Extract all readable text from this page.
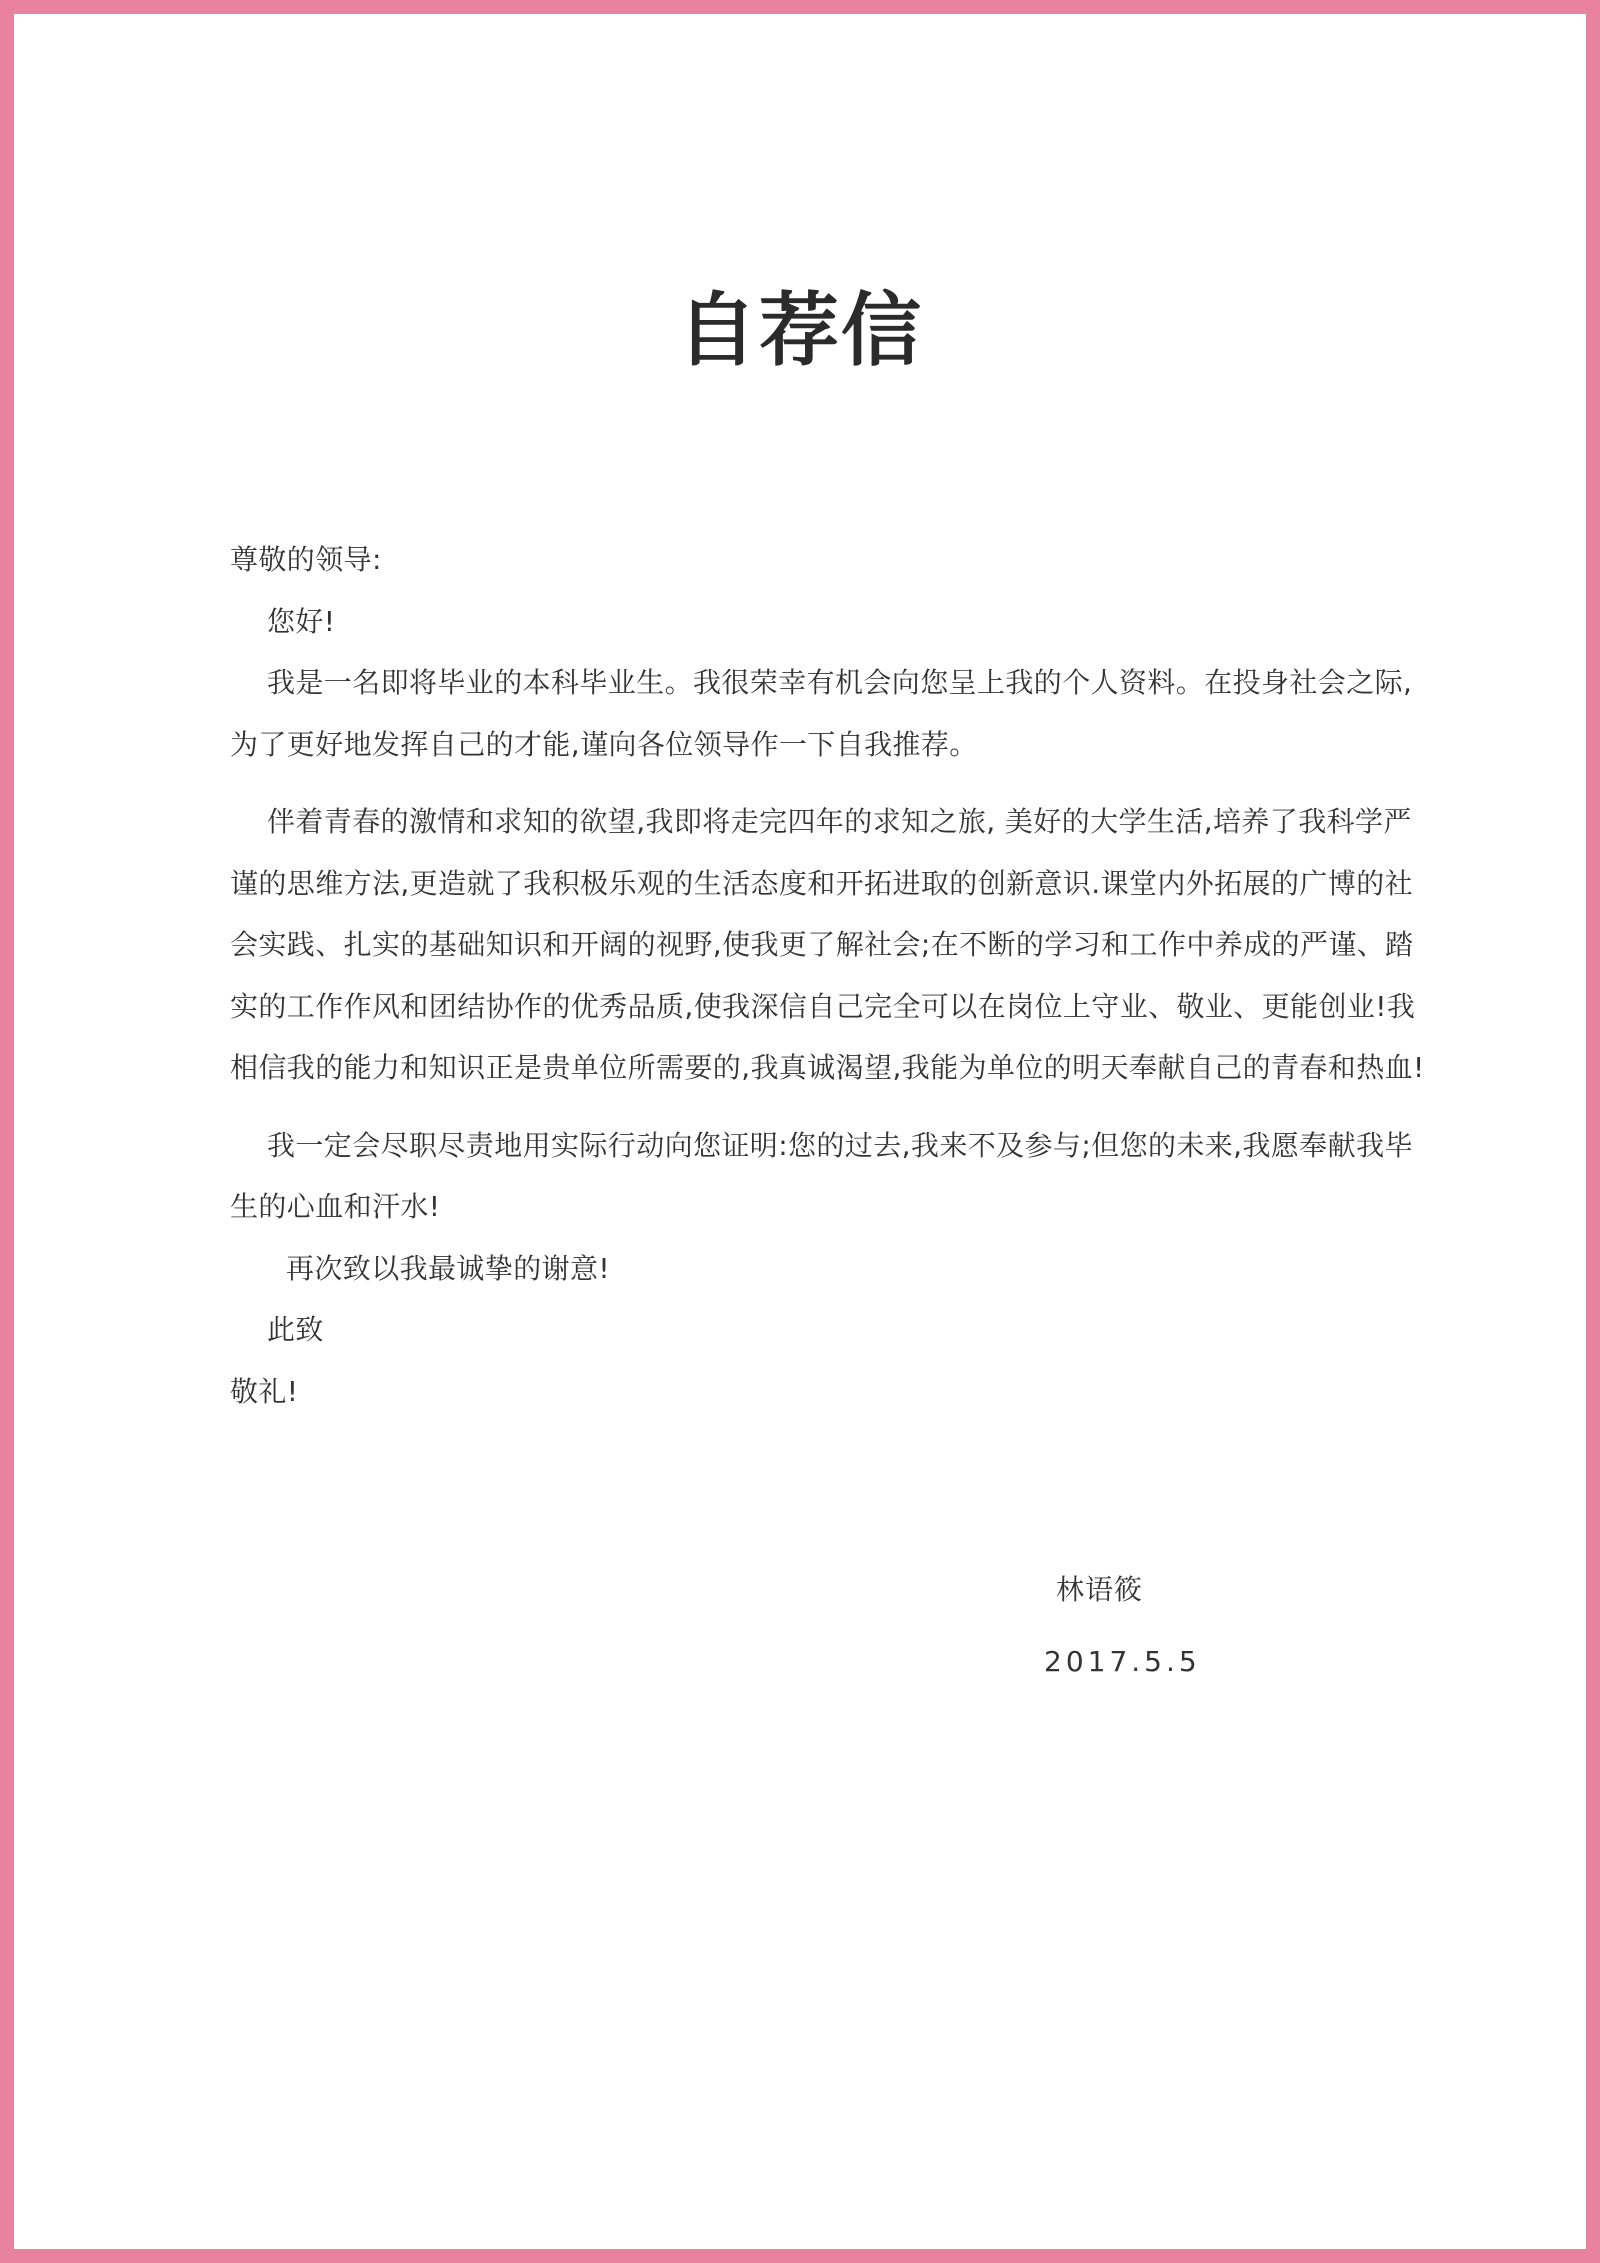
自荐信

尊敬的领导:

您好!

我是一名即将毕业的本科毕业生。我很荣幸有机会向您呈上我的个人资料。在投身社会之际,为了更好地发挥自己的才能,谨向各位领导作一下自我推荐。

伴着青春的激情和求知的欲望,我即将走完四年的求知之旅, 美好的大学生活,培养了我科学严谨的思维方法,更造就了我积极乐观的生活态度和开拓进取的创新意识.课堂内外拓展的广博的社会实践、扎实的基础知识和开阔的视野,使我更了解社会;在不断的学习和工作中养成的严谨、踏实的工作作风和团结协作的优秀品质,使我深信自己完全可以在岗位上守业、敬业、更能创业!我相信我的能力和知识正是贵单位所需要的,我真诚渴望,我能为单位的明天奉献自己的青春和热血!

我一定会尽职尽责地用实际行动向您证明:您的过去,我来不及参与;但您的未来,我愿奉献我毕生的心血和汗水!

再次致以我最诚挚的谢意!

此致

敬礼!

林语筱
2017.5.5
